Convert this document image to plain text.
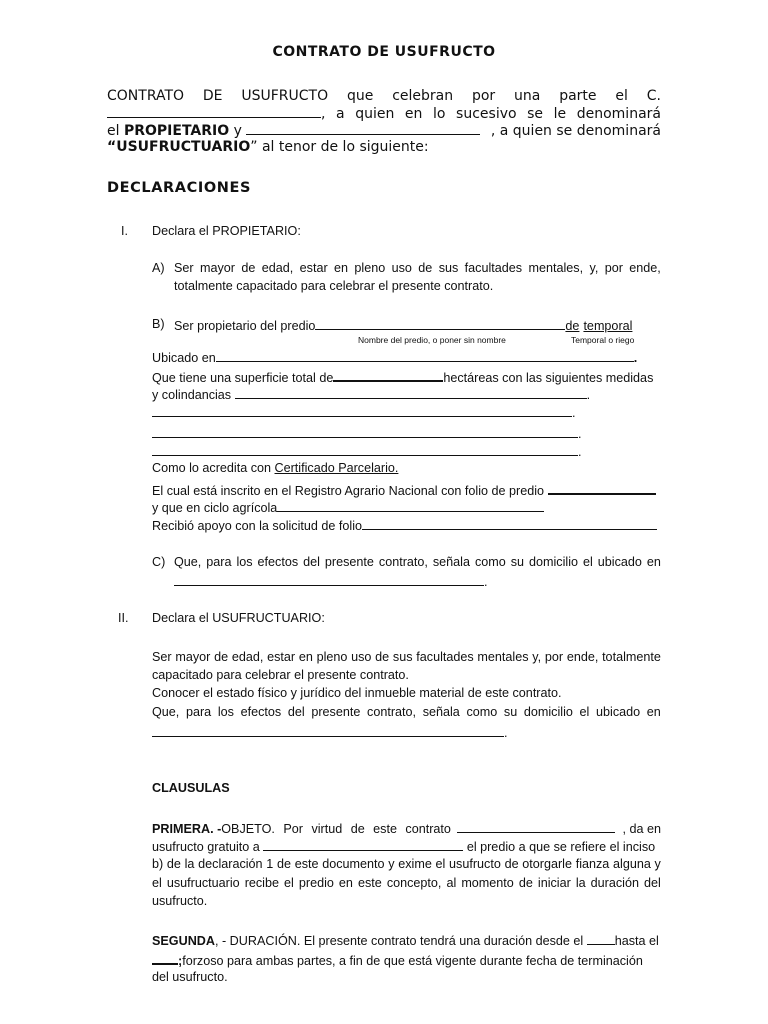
CONTRATO DE USUFRUCTO
CONTRATO DE USUFRUCTO que celebran por una parte el C.
, a quien en lo sucesivo se le denominará
el
PROPIETARIO
y
	, a quien se denominará
“USUFRUCTUARIO” al tenor de lo siguiente:
DECLARACIONES
I. Declara el PROPIETARIO:
A) Ser mayor de edad, estar en pleno uso de sus facultades mentales, y, por ende,
totalmente capacitado para celebrar el presente contrato.
B) Ser propietario del predio	de temporal
Nombre del predio, o poner sin nombre	Temporal o riego
Ubicado en	.
Que tiene una superficie total de	hectáreas con las siguientes medidas
y colindancias
	.
.
.
.
Como lo acredita con Certificado Parcelario.
El cual está inscrito en el Registro Agrario Nacional con folio de predio

y que en ciclo agrícola
Recibió apoyo con la solicitud de folio
C) Que, para los efectos del presente contrato, señala como su domicilio el ubicado en
.
II. Declara el USUFRUCTUARIO:
Ser mayor de edad, estar en pleno uso de sus facultades mentales y, por ende, totalmente
capacitado para celebrar el presente contrato.
Conocer el estado físico y jurídico del inmueble material de este contrato.
Que, para los efectos del presente contrato, señala como su domicilio el ubicado en
.
CLAUSULAS
PRIMERA. - OBJETO. Por virtud de este contrato	, da en
usufructo gratuito a

	el predio a que se refiere el inciso
b) de la declaración 1 de este documento y exime el usufructo de otorgarle fianza alguna y
el usufructuario recibe el predio en este concepto, al momento de iniciar la duración del
usufructo.
SEGUNDA , - DURACIÓN. El presente contrato tendrá una duración desde el
	hasta el
; forzoso para ambas partes, a fin de que está vigente durante fecha de terminación
del usufructo.
